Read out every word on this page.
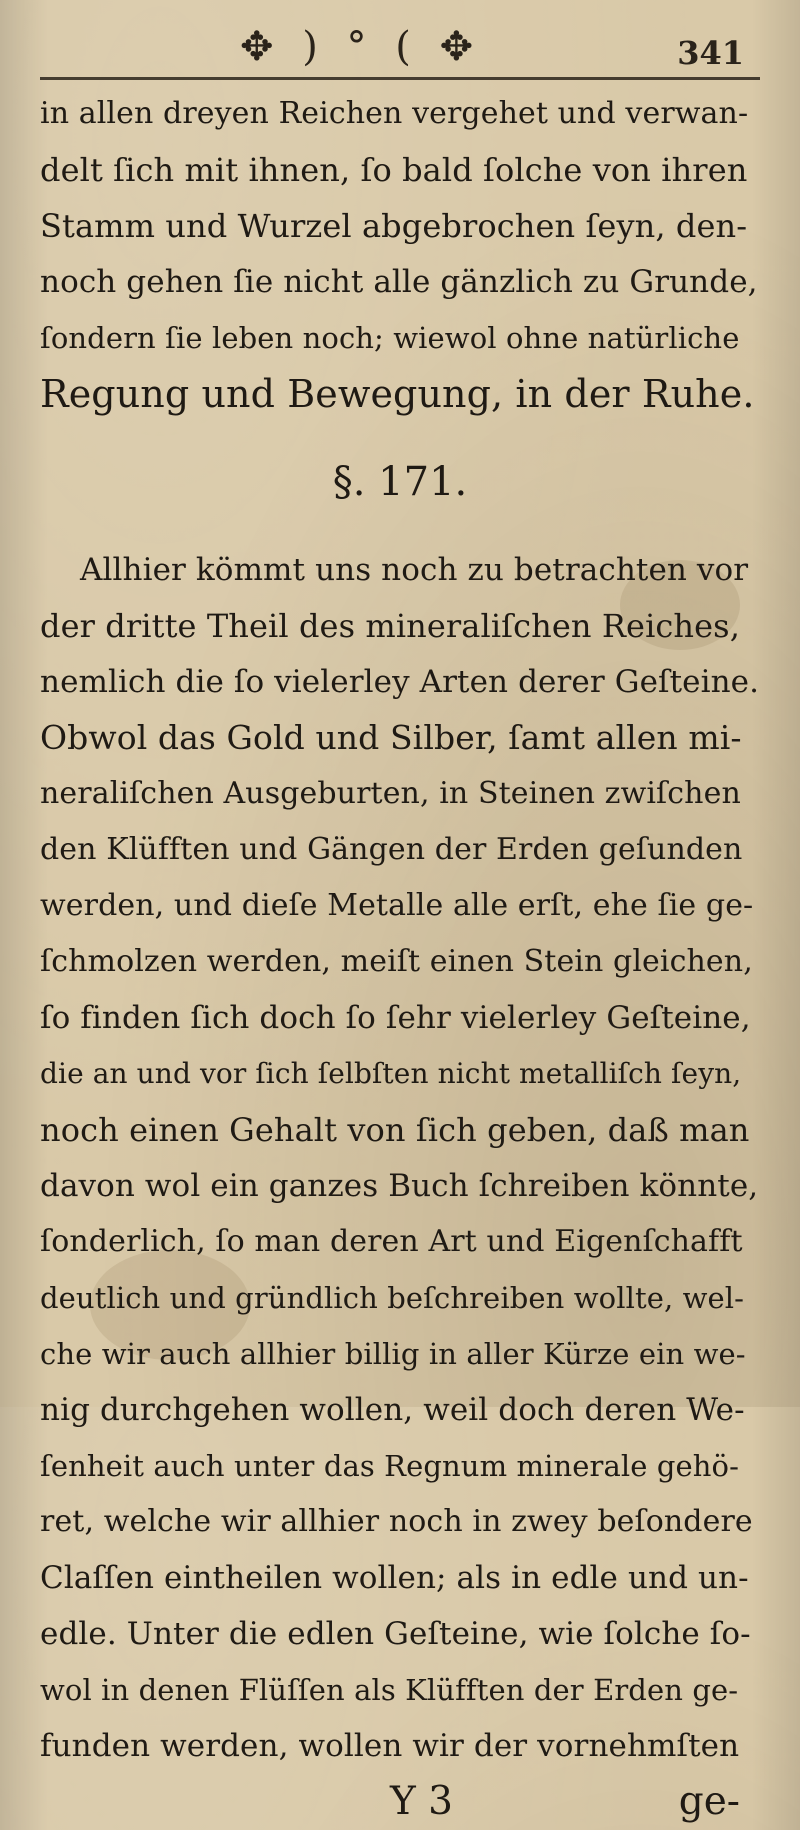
✥ ) ° ( ✥	341
in allen dreyen Reichen vergehet und verwan-
delt ſich mit ihnen, ſo bald ſolche von ihren
Stamm und Wurzel abgebrochen ſeyn, den-
noch gehen ſie nicht alle gänzlich zu Grunde,
ſondern ſie leben noch; wiewol ohne natürliche
Regung und Bewegung, in der Ruhe.
§. 171.
Allhier kömmt uns noch zu betrachten vor
der dritte Theil des mineraliſchen Reiches,
nemlich die ſo vielerley Arten derer Geſteine.
Obwol das Gold und Silber, ſamt allen mi-
neraliſchen Ausgeburten, in Steinen zwiſchen
den Klüfften und Gängen der Erden geſunden
werden, und dieſe Metalle alle erſt, ehe ſie ge-
ſchmolzen werden, meiſt einen Stein gleichen,
ſo finden ſich doch ſo ſehr vielerley Geſteine,
die an und vor ſich ſelbſten nicht metalliſch ſeyn,
noch einen Gehalt von ſich geben, daß man
davon wol ein ganzes Buch ſchreiben könnte,
ſonderlich, ſo man deren Art und Eigenſchafft
deutlich und gründlich beſchreiben wollte, wel-
che wir auch allhier billig in aller Kürze ein we-
nig durchgehen wollen, weil doch deren We-
ſenheit auch unter das Regnum minerale gehö-
ret, welche wir allhier noch in zwey beſondere
Claſſen eintheilen wollen; als in edle und un-
edle. Unter die edlen Geſteine, wie ſolche ſo-
wol in denen Flüſſen als Klüfften der Erden ge-
funden werden, wollen wir der vornehmſten
Y 3	ge-
